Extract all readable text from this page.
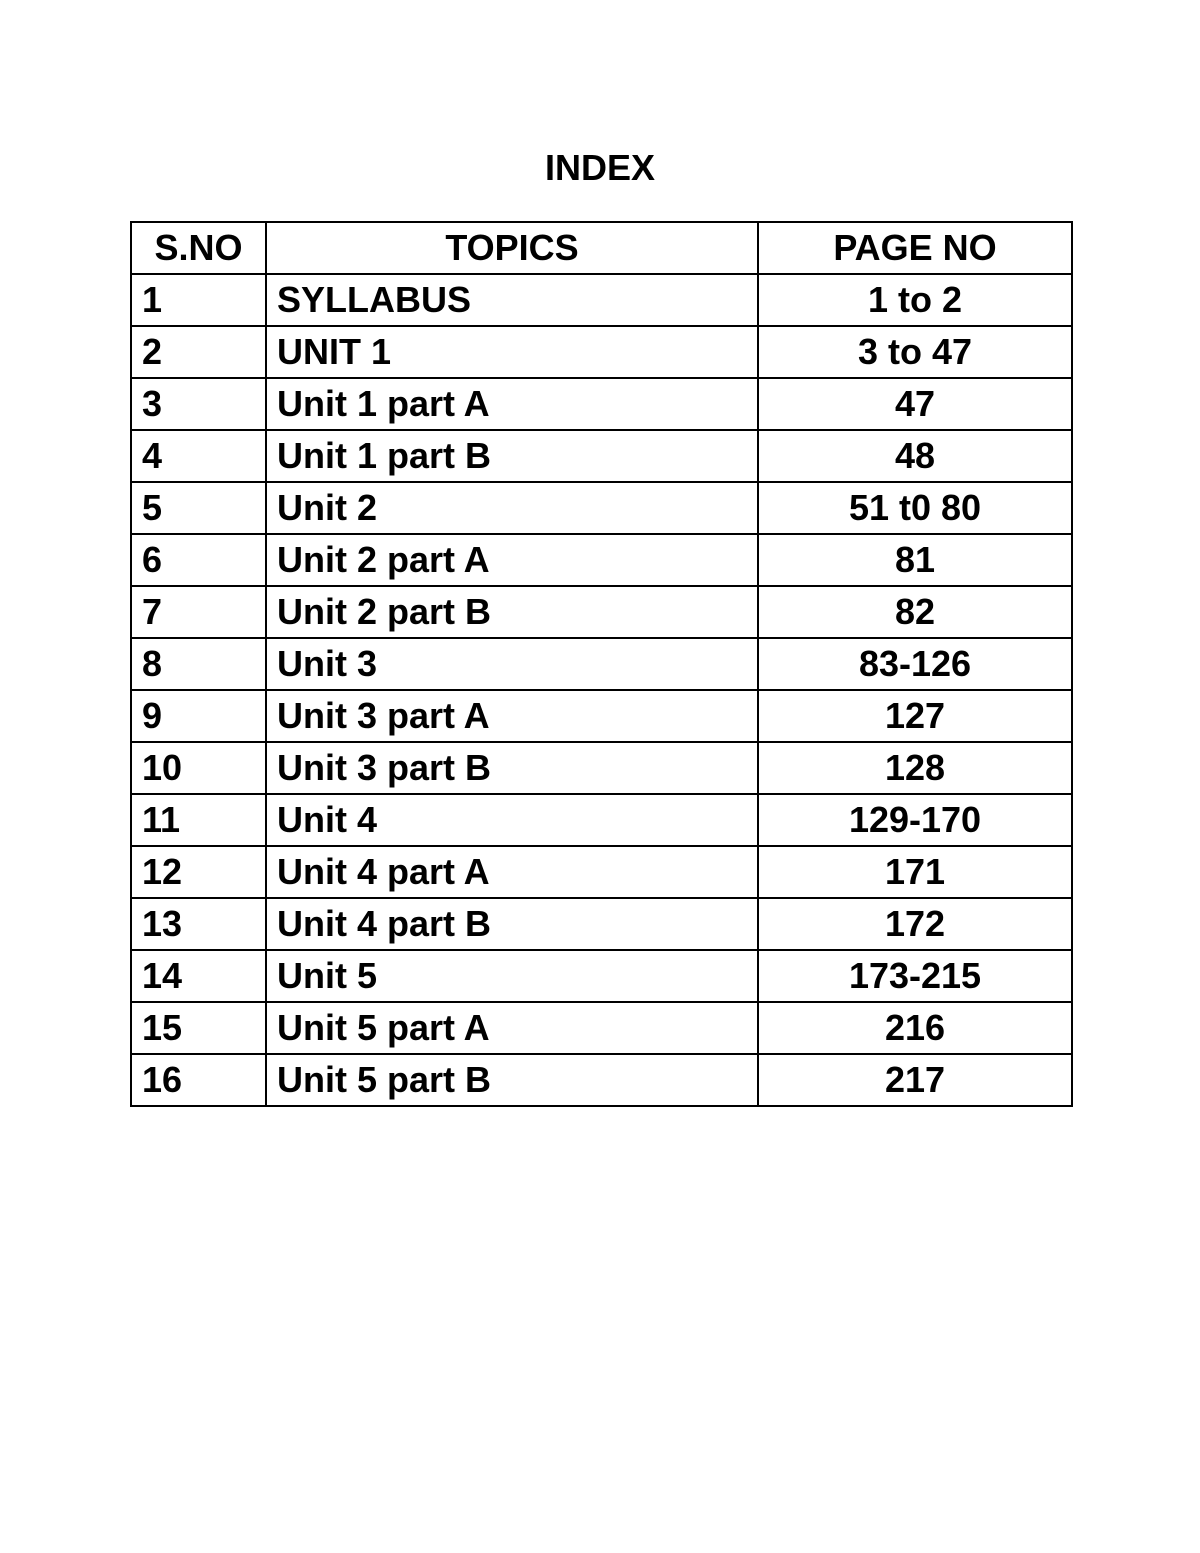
INDEX
S.NO	TOPICS	PAGE NO
1	SYLLABUS	1 to 2
2	UNIT 1	3 to 47
3	Unit 1 part A	47
4	Unit 1 part B	48
5	Unit 2	51 t0 80
6	Unit 2 part A	81
7	Unit 2 part B	82
8	Unit 3	83-126
9	Unit 3 part A	127
10	Unit 3 part B	128
11	Unit 4	129-170
12	Unit 4 part A	171
13	Unit 4 part B	172
14	Unit 5	173-215
15	Unit 5 part A	216
16	Unit 5 part B	217
